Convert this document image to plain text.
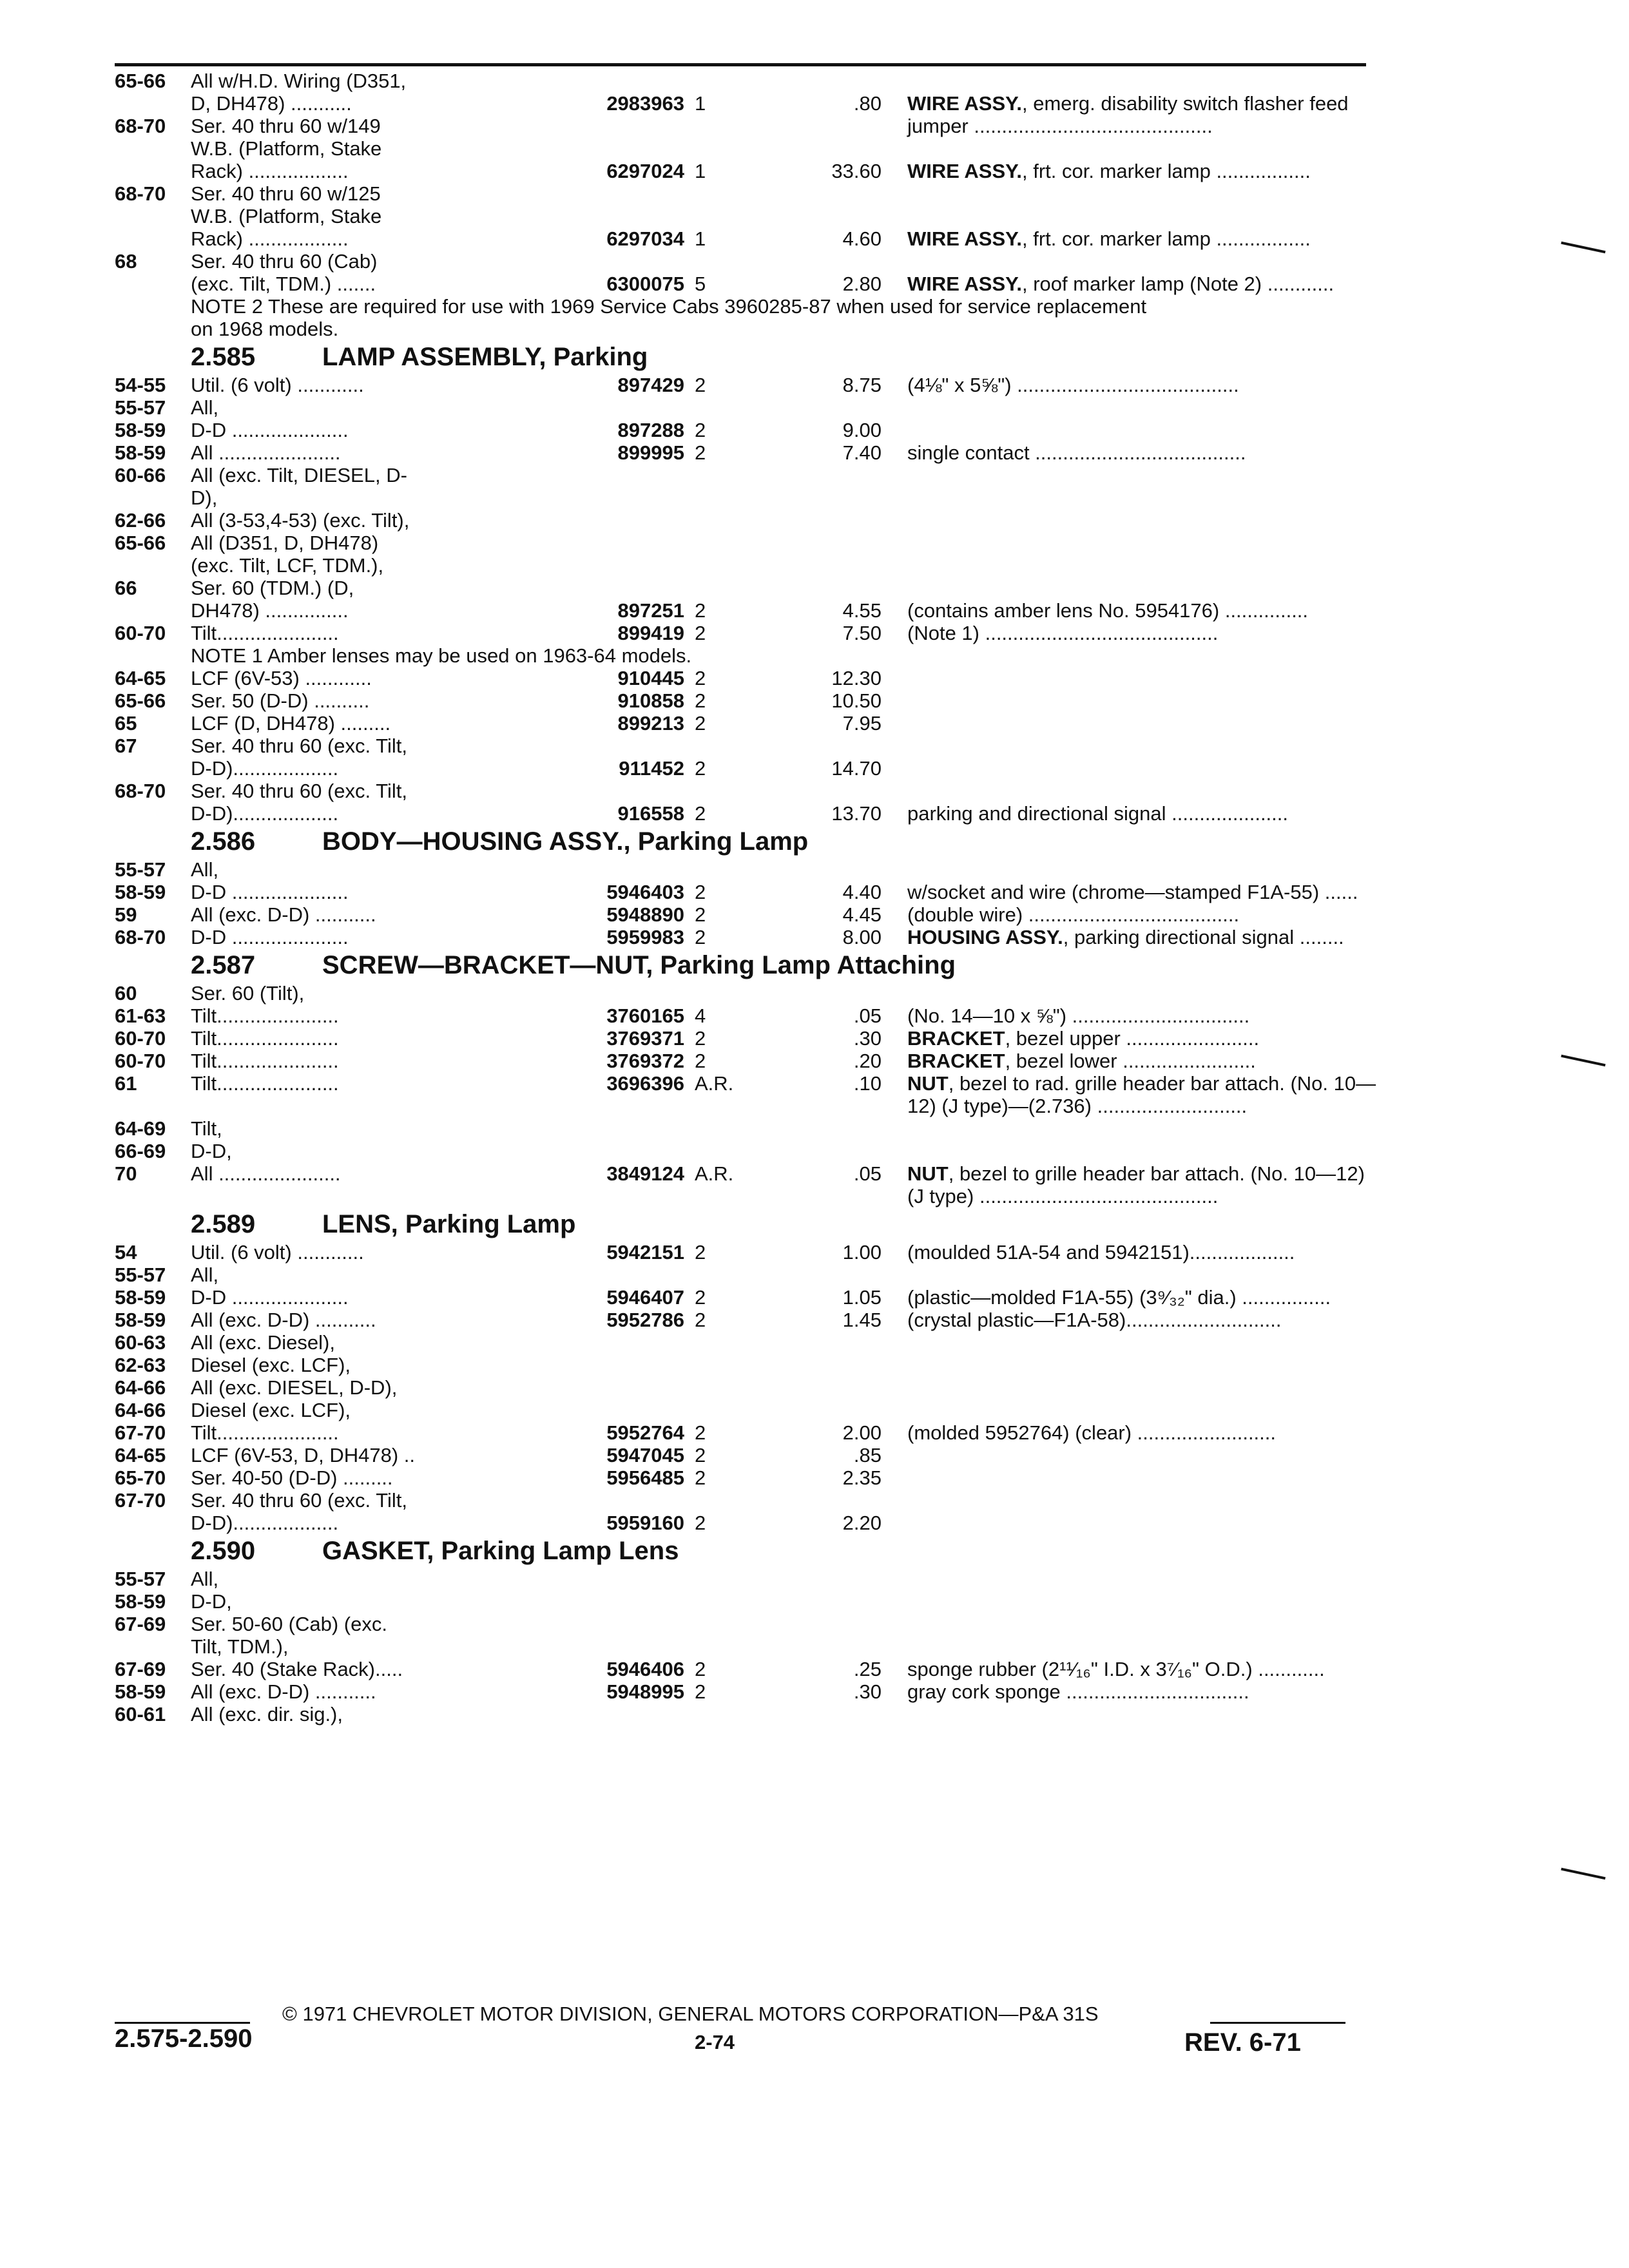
65-66 All w/H.D. Wiring (D351,
D, DH478) ...........	2983963 1	.80 WIRE ASSY., emerg. disability switch flasher feed
68-70 Ser. 40 thru 60 w/149	jumper ...........................................
W.B. (Platform, Stake
Rack) ..................	6297024 1	33.60 WIRE ASSY., frt. cor. marker lamp .................
68-70 Ser. 40 thru 60 w/125
W.B. (Platform, Stake
Rack) ..................	6297034 1	4.60 WIRE ASSY., frt. cor. marker lamp .................
68	Ser. 40 thru 60 (Cab)
(exc. Tilt, TDM.) .......	6300075 5	2.80 WIRE ASSY., roof marker lamp (Note 2) ............
NOTE 2 These are required for use with 1969 Service Cabs 3960285-87 when used for service replacement
on 1968 models.
2.585	LAMP ASSEMBLY, Parking
54-55 Util. (6 volt) ............	897429 2	8.75 (4⅛" x 5⅝") ........................................
55-57 All,
58-59 D-D .....................	897288 2	9.00
58-59 All ......................	899995 2	7.40 single contact ......................................
60-66 All (exc. Tilt, DIESEL, D-
D),
62-66 All (3-53,4-53) (exc. Tilt),
65-66 All (D351, D, DH478)
(exc. Tilt, LCF, TDM.),
66	Ser. 60 (TDM.) (D,
DH478) ...............	897251 2	4.55 (contains amber lens No. 5954176) ...............
60-70 Tilt......................	899419 2	7.50 (Note 1) ..........................................
NOTE 1 Amber lenses may be used on 1963-64 models.
64-65 LCF (6V-53) ............	910445 2	12.30
65-66 Ser. 50 (D-D) ..........	910858 2	10.50
65	LCF (D, DH478) .........	899213 2	7.95
67	Ser. 40 thru 60 (exc. Tilt,
D-D)...................	911452 2	14.70
68-70 Ser. 40 thru 60 (exc. Tilt,
D-D)...................	916558 2	13.70 parking and directional signal .....................
2.586	BODY—HOUSING ASSY., Parking Lamp
55-57 All,
58-59 D-D .....................	5946403 2	4.40 w/socket and wire (chrome—stamped F1A-55) ......
59	All (exc. D-D) ...........	5948890 2	4.45 (double wire) ......................................
68-70 D-D .....................	5959983 2	8.00 HOUSING ASSY., parking directional signal ........
2.587	SCREW—BRACKET—NUT, Parking Lamp Attaching
60	Ser. 60 (Tilt),
61-63 Tilt......................	3760165 4	.05 (No. 14—10 x ⅝") ................................
60-70 Tilt......................	3769371 2	.30 BRACKET, bezel upper ........................
60-70 Tilt......................	3769372 2	.20 BRACKET, bezel lower ........................
61	Tilt......................	3696396 A.R.	.10 NUT, bezel to rad. grille header bar attach. (No. 10—
12) (J type)—(2.736) ...........................
64-69 Tilt,
66-69 D-D,
70	All ......................	3849124 A.R.	.05 NUT, bezel to grille header bar attach. (No. 10—12)
(J type) ...........................................
2.589	LENS, Parking Lamp
54	Util. (6 volt) ............	5942151 2	1.00 (moulded 51A-54 and 5942151)...................
55-57 All,
58-59 D-D .....................	5946407 2	1.05 (plastic—molded F1A-55) (3⁹⁄₃₂" dia.) ................
58-59 All (exc. D-D) ...........	5952786 2	1.45 (crystal plastic—F1A-58)............................
60-63 All (exc. Diesel),
62-63 Diesel (exc. LCF),
64-66 All (exc. DIESEL, D-D),
64-66 Diesel (exc. LCF),
67-70 Tilt......................	5952764 2	2.00 (molded 5952764) (clear) .........................
64-65 LCF (6V-53, D, DH478) ..	5947045 2	.85
65-70 Ser. 40-50 (D-D) .........	5956485 2	2.35
67-70 Ser. 40 thru 60 (exc. Tilt,
D-D)...................	5959160 2	2.20
2.590	GASKET, Parking Lamp Lens
55-57 All,
58-59 D-D,
67-69 Ser. 50-60 (Cab) (exc.
Tilt, TDM.),
67-69 Ser. 40 (Stake Rack).....	5946406 2	.25 sponge rubber (2¹¹⁄₁₆" I.D. x 3⁷⁄₁₆" O.D.) ............
58-59 All (exc. D-D) ...........	5948995 2	.30 gray cork sponge .................................
60-61 All (exc. dir. sig.),
© 1971 CHEVROLET MOTOR DIVISION, GENERAL MOTORS CORPORATION—P&A 31S
2.575-2.590	2-74	REV. 6-71
